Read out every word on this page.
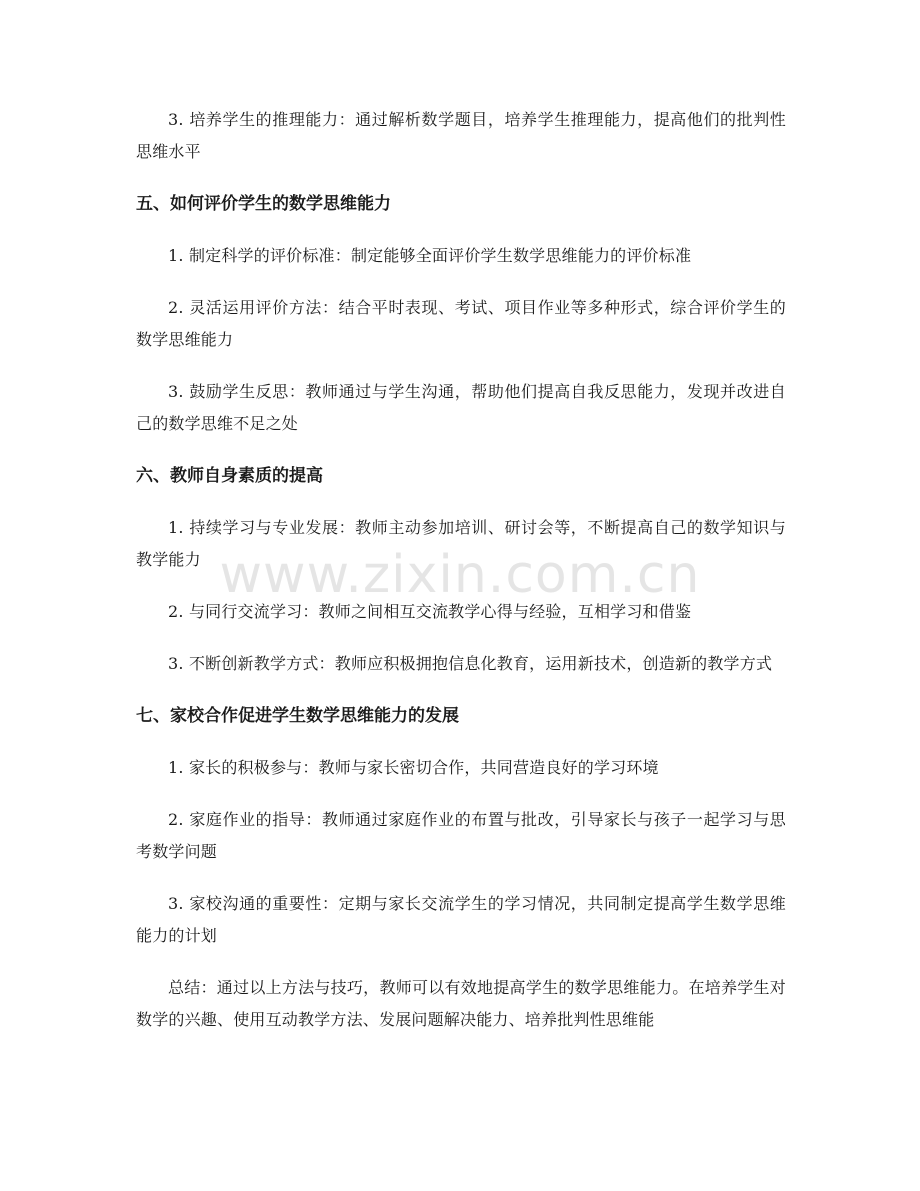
3. 培养学生的推理能力：通过解析数学题目，培养学生推理能力，提高他们的批判性思维水平

五、如何评价学生的数学思维能力

1. 制定科学的评价标准：制定能够全面评价学生数学思维能力的评价标准

2. 灵活运用评价方法：结合平时表现、考试、项目作业等多种形式，综合评价学生的数学思维能力

3. 鼓励学生反思：教师通过与学生沟通，帮助他们提高自我反思能力，发现并改进自己的数学思维不足之处

六、教师自身素质的提高

1. 持续学习与专业发展：教师主动参加培训、研讨会等，不断提高自己的数学知识与教学能力

2. 与同行交流学习：教师之间相互交流教学心得与经验，互相学习和借鉴

3. 不断创新教学方式：教师应积极拥抱信息化教育，运用新技术，创造新的教学方式

七、家校合作促进学生数学思维能力的发展

1. 家长的积极参与：教师与家长密切合作，共同营造良好的学习环境

2. 家庭作业的指导：教师通过家庭作业的布置与批改，引导家长与孩子一起学习与思考数学问题

3. 家校沟通的重要性：定期与家长交流学生的学习情况，共同制定提高学生数学思维能力的计划

总结：通过以上方法与技巧，教师可以有效地提高学生的数学思维能力。在培养学生对数学的兴趣、使用互动教学方法、发展问题解决能力、培养批判性思维能

www.zixin.com.cn
